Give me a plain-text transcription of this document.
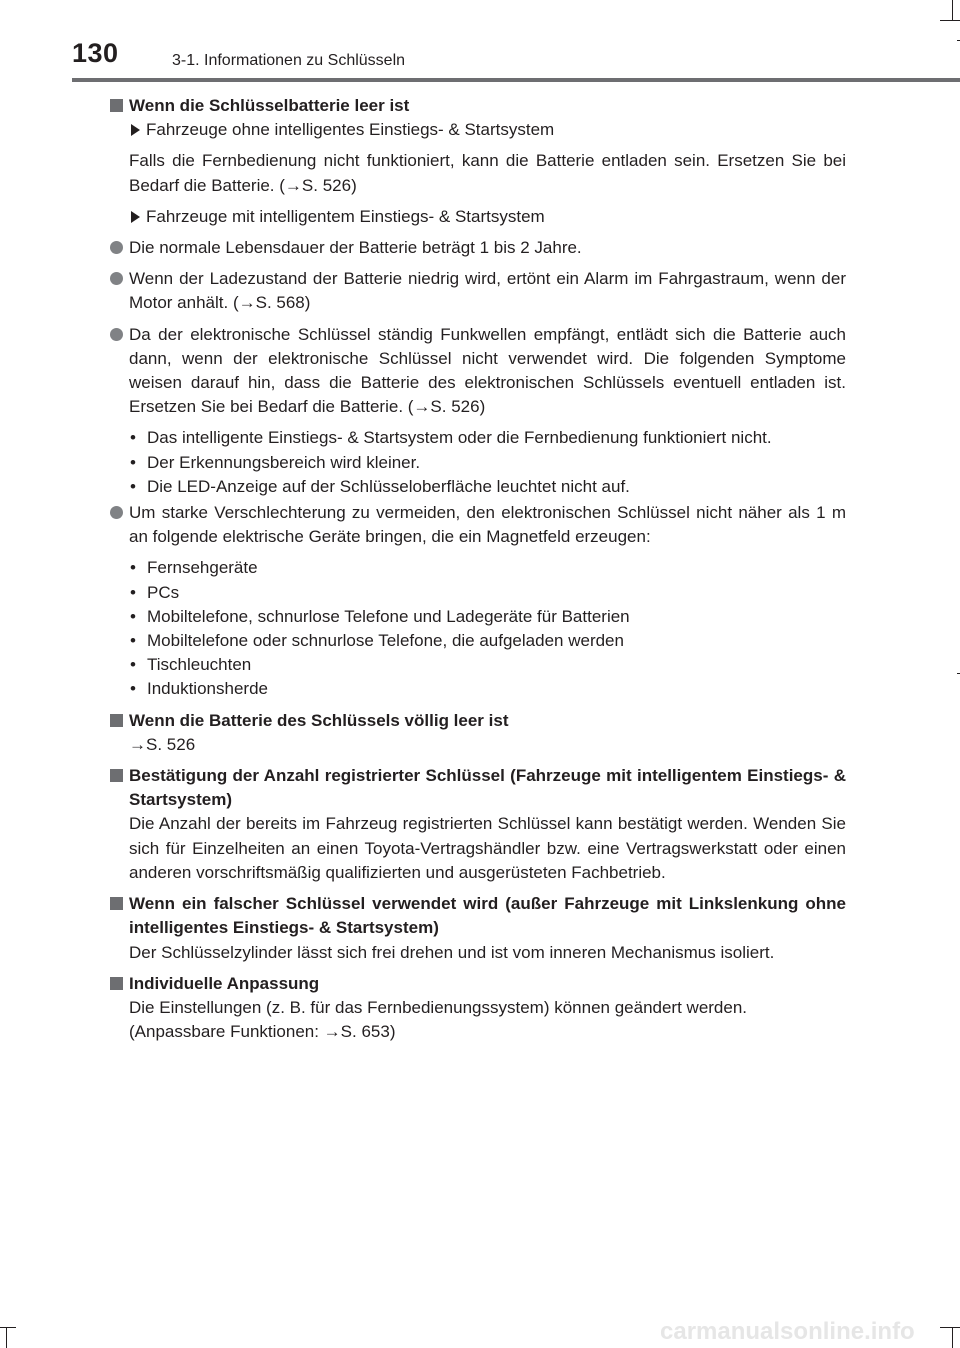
130	3-1. Informationen zu Schlüsseln

Wenn die Schlüsselbatterie leer ist

Fahrzeuge ohne intelligentes Einstiegs- & Startsystem

Falls die Fernbedienung nicht funktioniert, kann die Batterie entladen sein. Ersetzen Sie bei Bedarf die Batterie. (→S. 526)

Fahrzeuge mit intelligentem Einstiegs- & Startsystem

Die normale Lebensdauer der Batterie beträgt 1 bis 2 Jahre.

Wenn der Ladezustand der Batterie niedrig wird, ertönt ein Alarm im Fahrgastraum, wenn der Motor anhält. (→S. 568)

Da der elektronische Schlüssel ständig Funkwellen empfängt, entlädt sich die Batterie auch dann, wenn der elektronische Schlüssel nicht verwendet wird. Die folgenden Symptome weisen darauf hin, dass die Batterie des elektronischen Schlüssels eventuell entladen ist. Ersetzen Sie bei Bedarf die Batterie. (→S. 526)

• Das intelligente Einstiegs- & Startsystem oder die Fernbedienung funktioniert nicht.

• Der Erkennungsbereich wird kleiner.

• Die LED-Anzeige auf der Schlüsseloberfläche leuchtet nicht auf.

Um starke Verschlechterung zu vermeiden, den elektronischen Schlüssel nicht näher als 1 m an folgende elektrische Geräte bringen, die ein Magnetfeld erzeugen:

• Fernsehgeräte

• PCs

• Mobiltelefone, schnurlose Telefone und Ladegeräte für Batterien

• Mobiltelefone oder schnurlose Telefone, die aufgeladen werden

• Tischleuchten

• Induktionsherde

Wenn die Batterie des Schlüssels völlig leer ist

→S. 526

Bestätigung der Anzahl registrierter Schlüssel (Fahrzeuge mit intelligentem Einstiegs- & Startsystem)

Die Anzahl der bereits im Fahrzeug registrierten Schlüssel kann bestätigt werden. Wenden Sie sich für Einzelheiten an einen Toyota-Vertragshändler bzw. eine Vertragswerkstatt oder einen anderen vorschriftsmäßig qualifizierten und ausgerüsteten Fachbetrieb.

Wenn ein falscher Schlüssel verwendet wird (außer Fahrzeuge mit Linkslenkung ohne intelligentes Einstiegs- & Startsystem)

Der Schlüsselzylinder lässt sich frei drehen und ist vom inneren Mechanismus isoliert.

Individuelle Anpassung

Die Einstellungen (z. B. für das Fernbedienungssystem) können geändert werden. (Anpassbare Funktionen: →S. 653)

carmanualsonline.info
